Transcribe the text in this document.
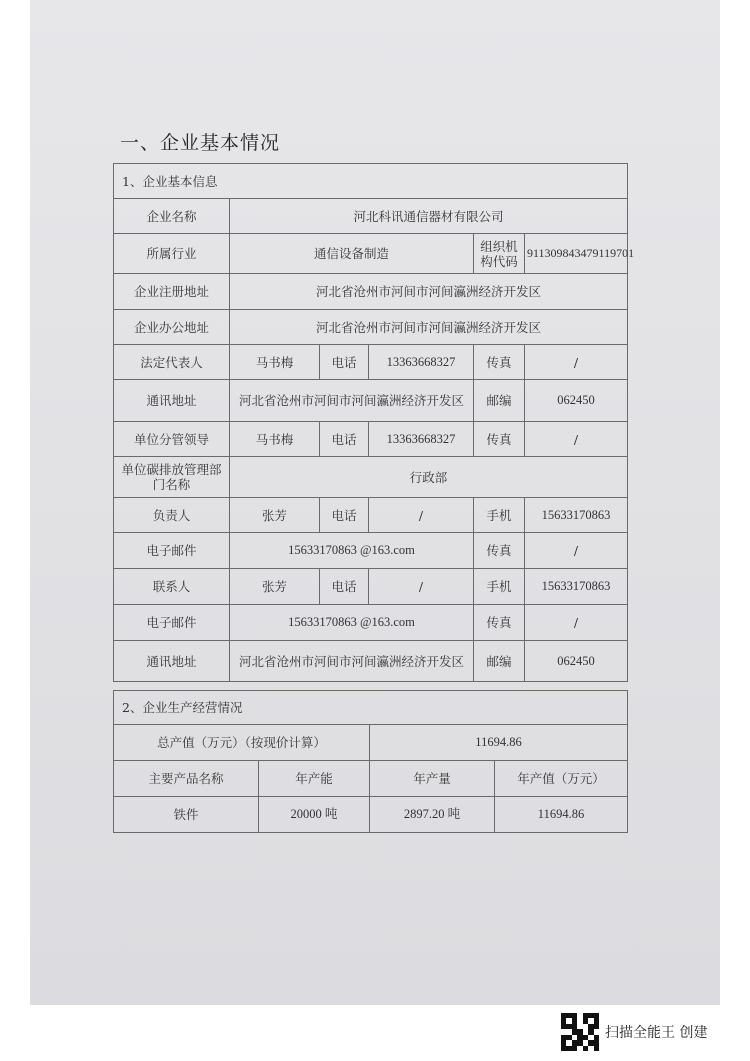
一、企业基本情况
1、企业基本信息					
企业名称	河北科讯通信器材有限公司				
所属行业	通信设备制造			组织机构代码	911309843479119701
企业注册地址	河北省沧州市河间市河间瀛洲经济开发区				
企业办公地址	河北省沧州市河间市河间瀛洲经济开发区				
法定代表人	马书梅	电话	13363668327	传真	/
通讯地址	河北省沧州市河间市河间瀛洲经济开发区			邮编	062450
单位分管领导	马书梅	电话	13363668327	传真	/
单位碳排放管理部门名称	行政部				
负责人	张芳	电话	/	手机	15633170863
电子邮件	15633170863 @163.com			传真	/
联系人	张芳	电话	/	手机	15633170863
电子邮件	15633170863 @163.com			传真	/
通讯地址	河北省沧州市河间市河间瀛洲经济开发区			邮编	062450
2、企业生产经营情况			
总产值（万元）（按现价计算）		11694.86	
主要产品名称	年产能	年产量	年产值（万元）
铁件	20000 吨	2897.20 吨	11694.86
扫描全能王 创建
